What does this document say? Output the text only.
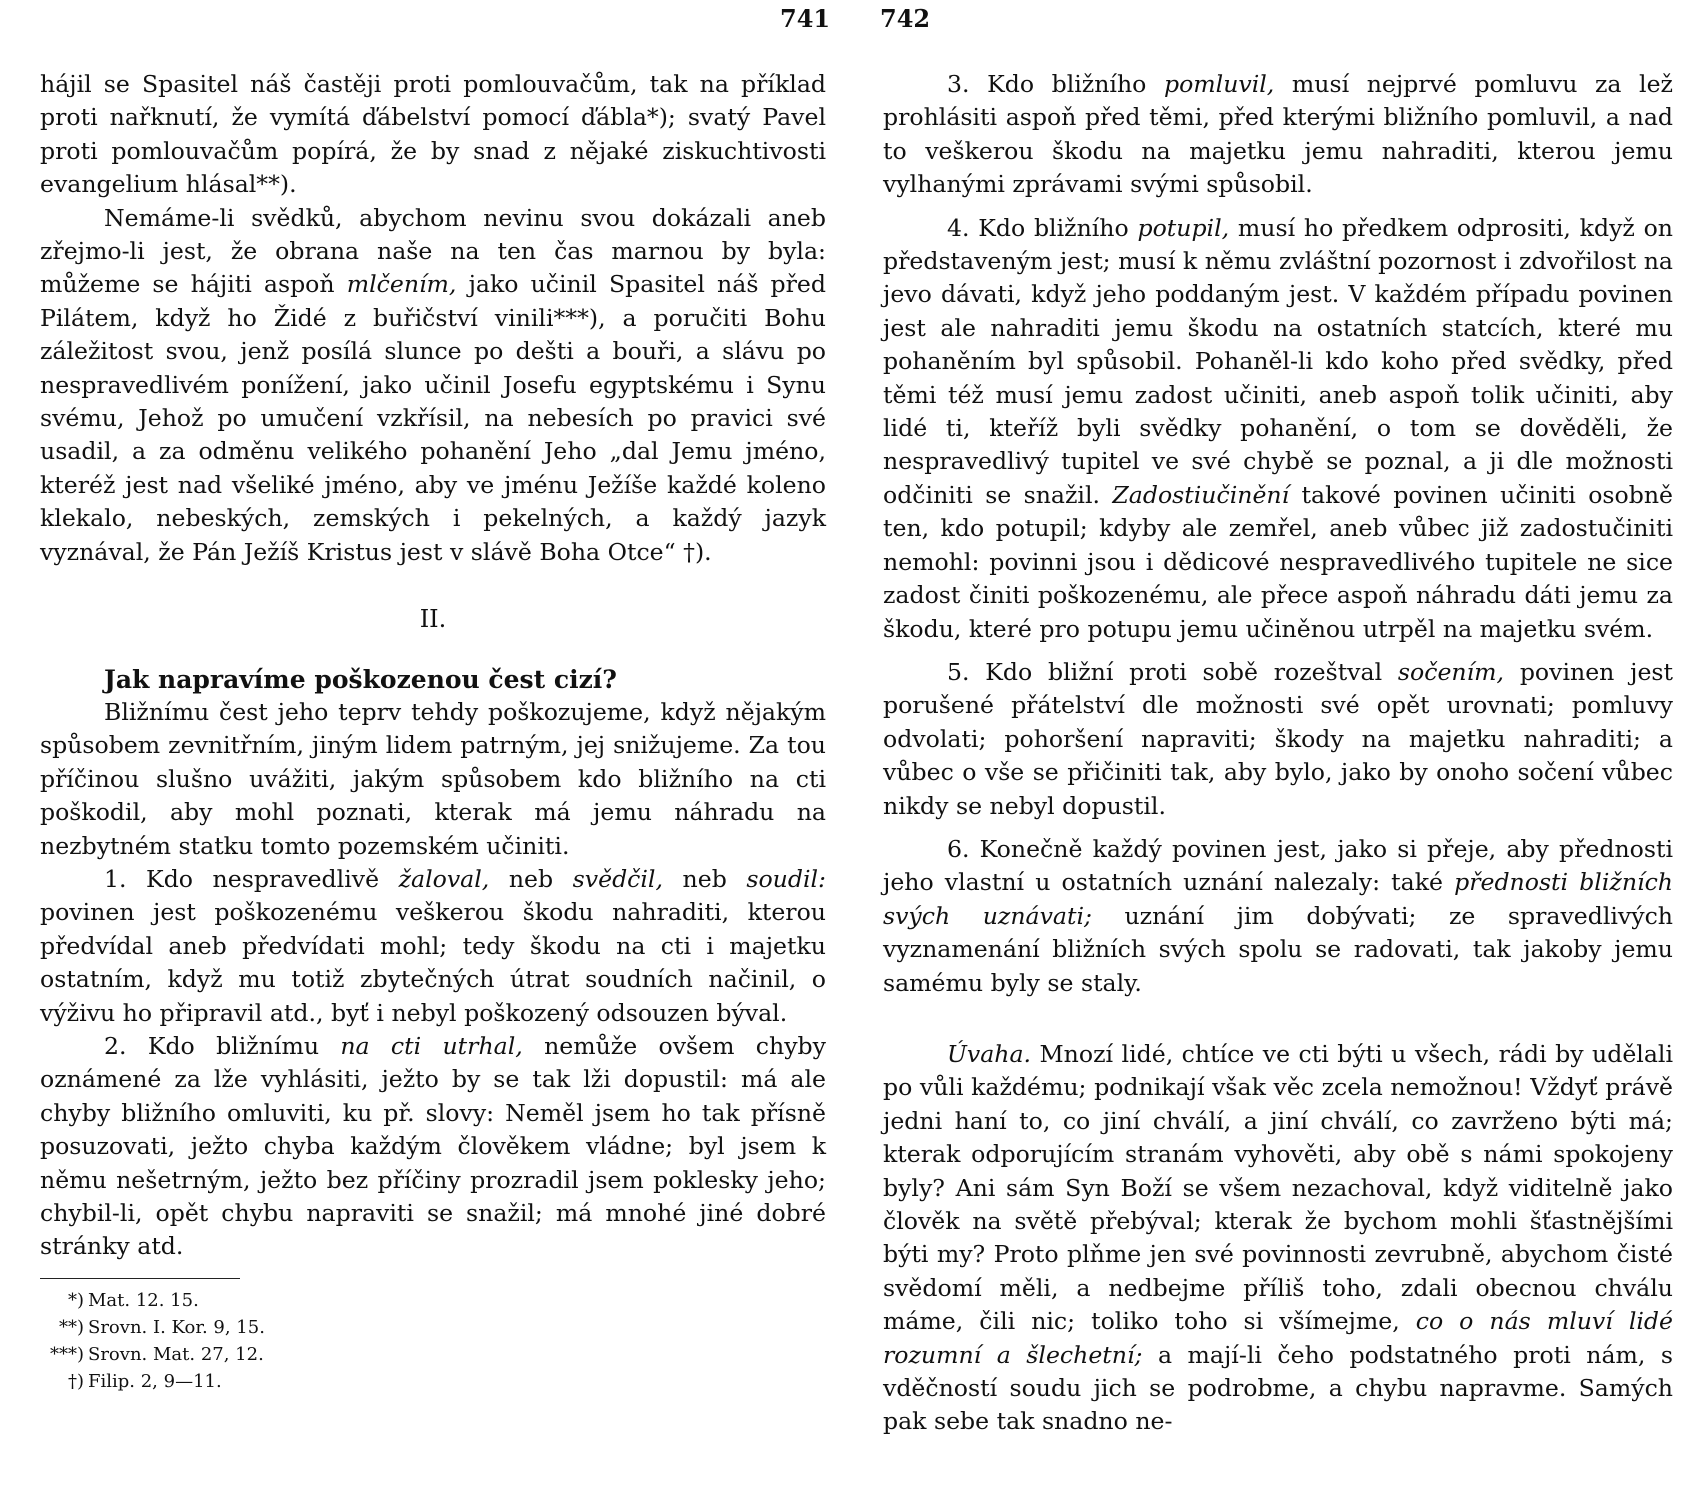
741 742

hájil se Spasitel náš častěji proti pomlouvačům, tak na příklad proti nařknutí, že vymítá ďábelství pomocí ďábla*); svatý Pavel proti pomlouvačům popírá, že by snad z nějaké ziskuchtivosti evangelium hlásal**).

Nemáme-li svědků, abychom nevinu svou dokázali aneb zřejmo-li jest, že obrana naše na ten čas marnou by byla: můžeme se hájiti aspoň mlčením, jako učinil Spasitel náš před Pilátem, když ho Židé z buřičství vinili***), a poručiti Bohu záležitost svou, jenž posílá slunce po dešti a bouři, a slávu po nespravedlivém ponížení, jako učinil Josefu egyptskému i Synu svému, Jehož po umučení vzkřísil, na nebesích po pravici své usadil, a za odměnu velikého pohanění Jeho „dal Jemu jméno, kteréž jest nad všeliké jméno, aby ve jménu Ježíše každé koleno klekalo, nebeských, zemských i pekelných, a každý jazyk vyznával, že Pán Ježíš Kristus jest v slávě Boha Otce“ †).

II.

Jak napravíme poškozenou čest cizí?

Bližnímu čest jeho teprv tehdy poškozujeme, když nějakým spůsobem zevnitřním, jiným lidem patrným, jej snižujeme. Za tou příčinou slušno uvážiti, jakým spůsobem kdo bližního na cti poškodil, aby mohl poznati, kterak má jemu náhradu na nezbytném statku tomto pozemském učiniti.

1. Kdo nespravedlivě žaloval, neb svědčil, neb soudil: povinen jest poškozenému veškerou škodu nahraditi, kterou předvídal aneb předvídati mohl; tedy škodu na cti i majetku ostatním, když mu totiž zbytečných útrat soudních načinil, o výživu ho připravil atd., byť i nebyl poškozený odsouzen býval.

2. Kdo bližnímu na cti utrhal, nemůže ovšem chyby oznámené za lže vyhlásiti, ježto by se tak lži dopustil: má ale chyby bližního omluviti, ku př. slovy: Neměl jsem ho tak přísně posuzovati, ježto chyba každým člověkem vládne; byl jsem k němu nešetrným, ježto bez příčiny prozradil jsem poklesky jeho; chybil-li, opět chybu napraviti se snažil; má mnohé jiné dobré stránky atd.

*) Mat. 12. 15.
**) Srovn. I. Kor. 9, 15.
***) Srovn. Mat. 27, 12.
†) Filip. 2, 9—11.

3. Kdo bližního pomluvil, musí nejprvé pomluvu za lež prohlásiti aspoň před těmi, před kterými bližního pomluvil, a nad to veškerou škodu na majetku jemu nahraditi, kterou jemu vylhanými zprávami svými spůsobil.

4. Kdo bližního potupil, musí ho předkem odprositi, když on představeným jest; musí k němu zvláštní pozornost i zdvořilost na jevo dávati, když jeho poddaným jest. V každém případu povinen jest ale nahraditi jemu škodu na ostatních statcích, které mu pohaněním byl spůsobil. Pohaněl-li kdo koho před svědky, před těmi též musí jemu zadost učiniti, aneb aspoň tolik učiniti, aby lidé ti, kteříž byli svědky pohanění, o tom se dověděli, že nespravedlivý tupitel ve své chybě se poznal, a ji dle možnosti odčiniti se snažil. Zadostiučinění takové povinen učiniti osobně ten, kdo potupil; kdyby ale zemřel, aneb vůbec již zadostučiniti nemohl: povinni jsou i dědicové nespravedlivého tupitele ne sice zadost činiti poškozenému, ale přece aspoň náhradu dáti jemu za škodu, které pro potupu jemu učiněnou utrpěl na majetku svém.

5. Kdo bližní proti sobě rozeštval sočením, povinen jest porušené přátelství dle možnosti své opět urovnati; pomluvy odvolati; pohoršení napraviti; škody na majetku nahraditi; a vůbec o vše se přičiniti tak, aby bylo, jako by onoho sočení vůbec nikdy se nebyl dopustil.

6. Konečně každý povinen jest, jako si přeje, aby přednosti jeho vlastní u ostatních uznání nalezaly: také přednosti bližních svých uznávati; uznání jim dobývati; ze spravedlivých vyznamenání bližních svých spolu se radovati, tak jakoby jemu samému byly se staly.

Úvaha. Mnozí lidé, chtíce ve cti býti u všech, rádi by udělali po vůli každému; podnikají však věc zcela nemožnou! Vždyť právě jedni haní to, co jiní chválí, a jiní chválí, co zavrženo býti má; kterak odporujícím stranám vyhověti, aby obě s námi spokojeny byly? Ani sám Syn Boží se všem nezachoval, když viditelně jako člověk na světě přebýval; kterak že bychom mohli šťastnějšími býti my? Proto plňme jen své povinnosti zevrubně, abychom čisté svědomí měli, a nedbejme příliš toho, zdali obecnou chválu máme, čili nic; toliko toho si všímejme, co o nás mluví lidé rozumní a šlechetní; a mají-li čeho podstatného proti nám, s vděčností soudu jich se podrobme, a chybu napravme. Samých pak sebe tak snadno ne-
